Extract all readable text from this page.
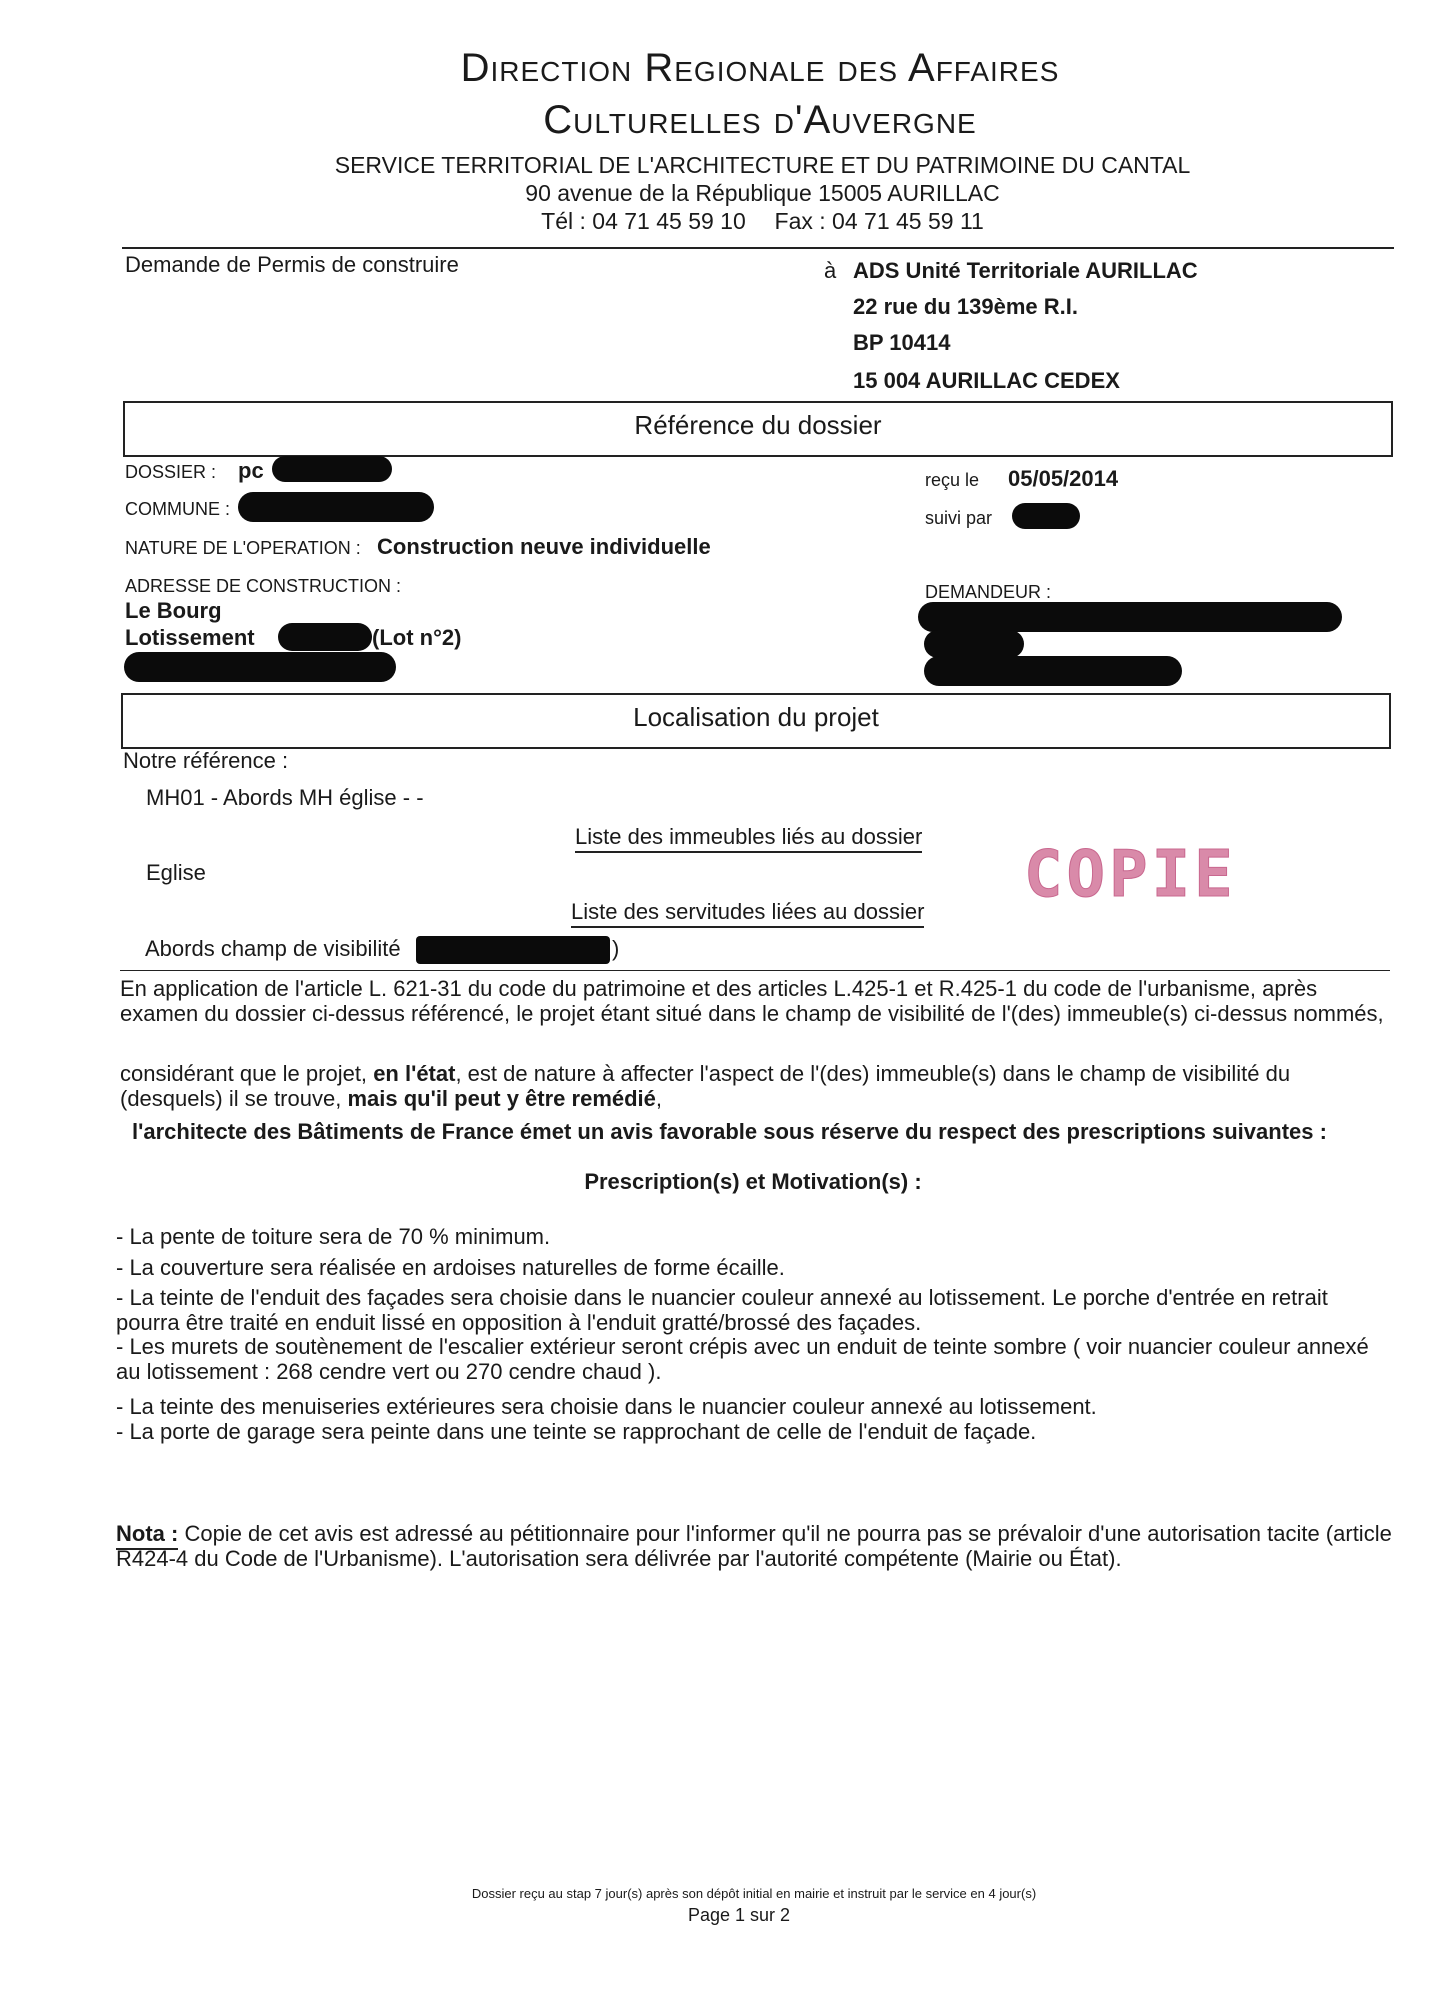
Direction Regionale des Affaires
Culturelles d'Auvergne
SERVICE TERRITORIAL DE L'ARCHITECTURE ET DU PATRIMOINE DU CANTAL
90 avenue de la République 15005 AURILLAC
Tél : 04 71 45 59 10 Fax : 04 71 45 59 11
Demande de Permis de construire	à ADS Unité Territoriale AURILLAC
22 rue du 139ème R.I.
BP 10414
15 004 AURILLAC CEDEX
Référence du dossier
DOSSIER : pc
COMMUNE :
reçu le 05/05/2014
suivi par
NATURE DE L'OPERATION : Construction neuve individuelle
ADRESSE DE CONSTRUCTION :
Le Bourg
Lotissement	(Lot n°2)
DEMANDEUR :
Localisation du projet
Notre référence :
MH01 - Abords MH église - -
Liste des immeubles liés au dossier
Eglise
Liste des servitudes liées au dossier
Abords champ de visibilité	)
COPIE
En application de l'article L. 621-31 du code du patrimoine et des articles L.425-1 et R.425-1 du code de l'urbanisme, après examen du dossier ci-dessus référencé, le projet étant situé dans le champ de visibilité de l'(des) immeuble(s) ci-dessus nommés,
considérant que le projet, en l'état, est de nature à affecter l'aspect de l'(des) immeuble(s) dans le champ de visibilité du (desquels) il se trouve, mais qu'il peut y être remédié,
l'architecte des Bâtiments de France émet un avis favorable sous réserve du respect des prescriptions suivantes :
Prescription(s) et Motivation(s) :
- La pente de toiture sera de 70 % minimum.
- La couverture sera réalisée en ardoises naturelles de forme écaille.
- La teinte de l'enduit des façades sera choisie dans le nuancier couleur annexé au lotissement. Le porche d'entrée en retrait pourra être traité en enduit lissé en opposition à l'enduit gratté/brossé des façades.
- Les murets de soutènement de l'escalier extérieur seront crépis avec un enduit de teinte sombre ( voir nuancier couleur annexé au lotissement : 268 cendre vert ou 270 cendre chaud ).
- La teinte des menuiseries extérieures sera choisie dans le nuancier couleur annexé au lotissement.
- La porte de garage sera peinte dans une teinte se rapprochant de celle de l'enduit de façade.
Nota : Copie de cet avis est adressé au pétitionnaire pour l'informer qu'il ne pourra pas se prévaloir d'une autorisation tacite (article R424-4 du Code de l'Urbanisme). L'autorisation sera délivrée par l'autorité compétente (Mairie ou État).
Dossier reçu au stap 7 jour(s) après son dépôt initial en mairie et instruit par le service en 4 jour(s)
Page 1 sur 2
